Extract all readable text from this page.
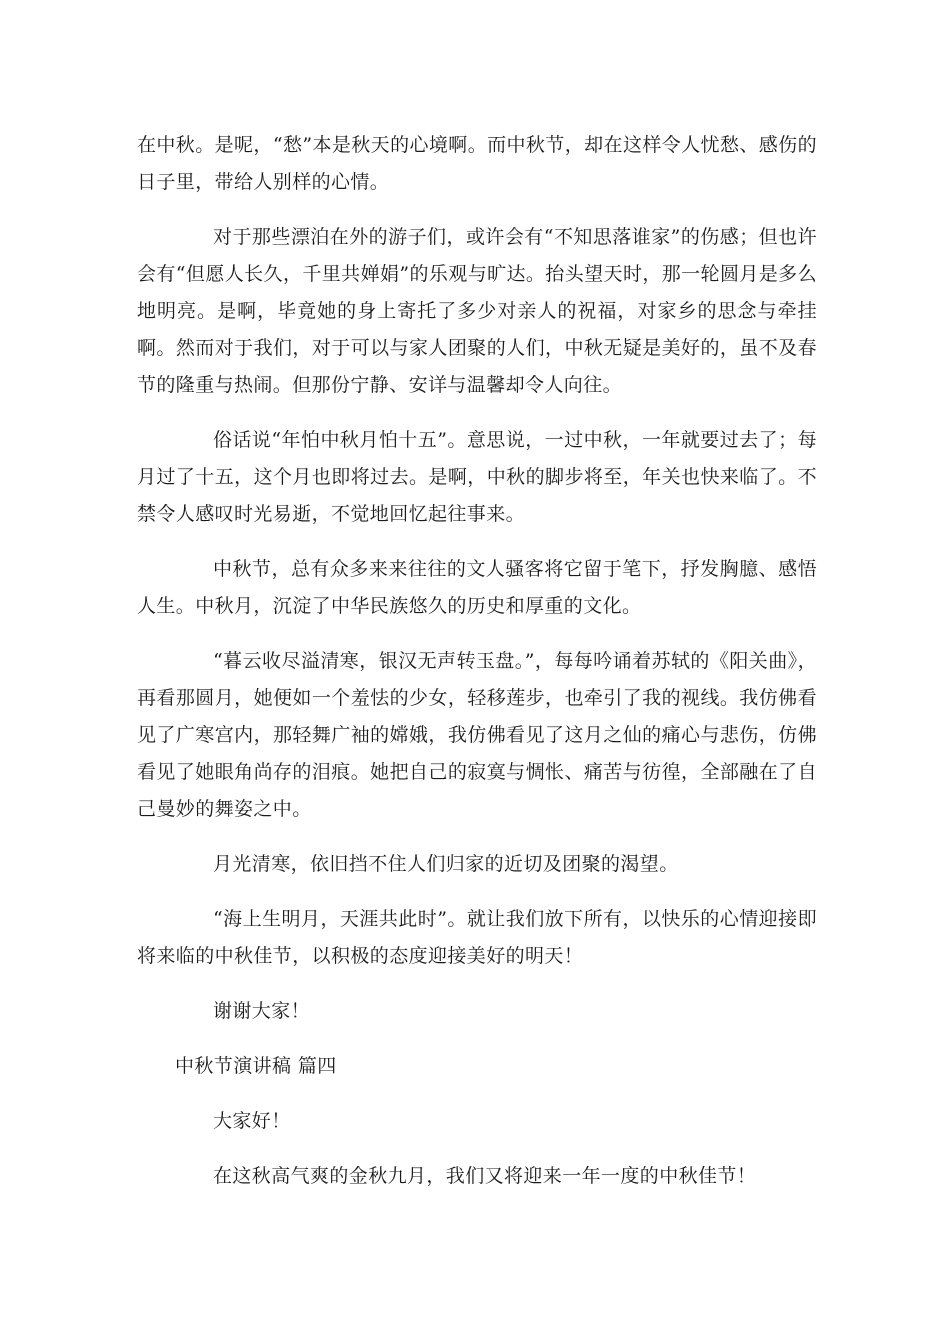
在中秋。是呢，“愁”本是秋天的心境啊。而中秋节，却在这样令人忧愁、感伤的日子里，带给人别样的心情。

对于那些漂泊在外的游子们，或许会有“不知思落谁家”的伤感；但也许会有“但愿人长久，千里共婵娟”的乐观与旷达。抬头望天时，那一轮圆月是多么地明亮。是啊，毕竟她的身上寄托了多少对亲人的祝福，对家乡的思念与牵挂啊。然而对于我们，对于可以与家人团聚的人们，中秋无疑是美好的，虽不及春节的隆重与热闹。但那份宁静、安详与温馨却令人向往。

俗话说“年怕中秋月怕十五”。意思说，一过中秋，一年就要过去了；每月过了十五，这个月也即将过去。是啊，中秋的脚步将至，年关也快来临了。不禁令人感叹时光易逝，不觉地回忆起往事来。

中秋节，总有众多来来往往的文人骚客将它留于笔下，抒发胸臆、感悟人生。中秋月，沉淀了中华民族悠久的历史和厚重的文化。

“暮云收尽溢清寒，银汉无声转玉盘。”，每每吟诵着苏轼的《阳关曲》，再看那圆月，她便如一个羞怯的少女，轻移莲步，也牵引了我的视线。我仿佛看见了广寒宫内，那轻舞广袖的嫦娥，我仿佛看见了这月之仙的痛心与悲伤，仿佛看见了她眼角尚存的泪痕。她把自己的寂寞与惆怅、痛苦与彷徨，全部融在了自己曼妙的舞姿之中。

月光清寒，依旧挡不住人们归家的近切及团聚的渴望。

“海上生明月，天涯共此时”。就让我们放下所有，以快乐的心情迎接即将来临的中秋佳节，以积极的态度迎接美好的明天！

谢谢大家！

中秋节演讲稿 篇四

大家好！

在这秋高气爽的金秋九月，我们又将迎来一年一度的中秋佳节！
